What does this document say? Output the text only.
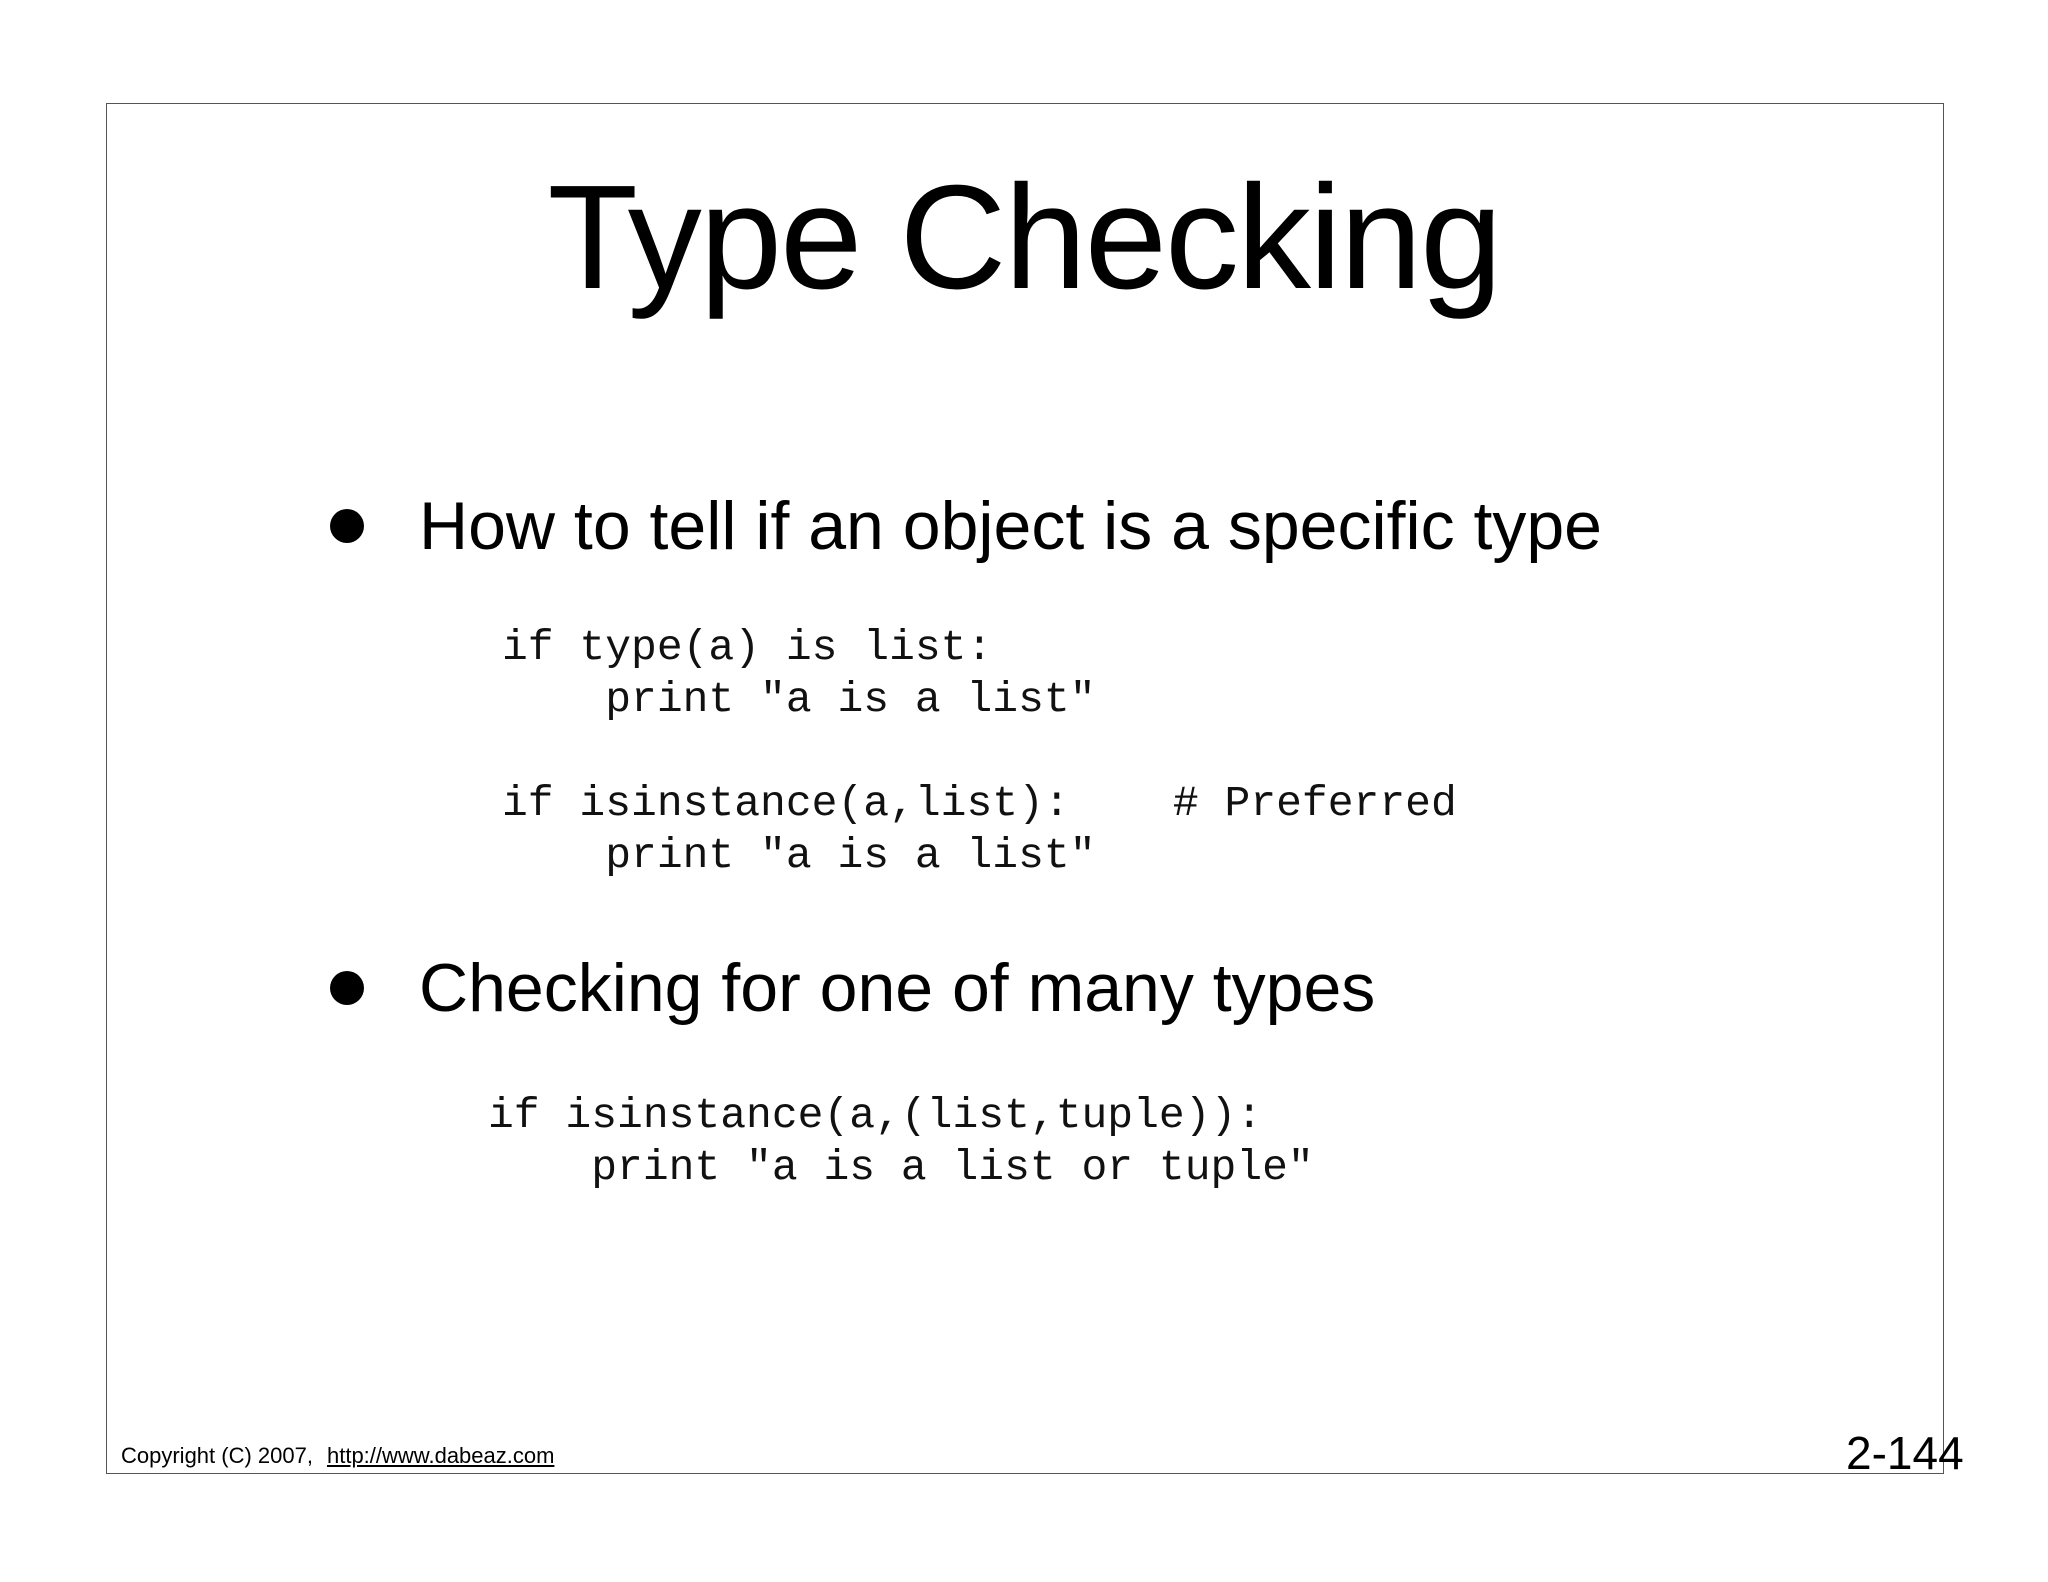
Type Checking
How to tell if an object is a specific type
if type(a) is list:
print "a is a list"
if isinstance(a,list):    # Preferred
print "a is a list"
Checking for one of many types
if isinstance(a,(list,tuple)):
print "a is a list or tuple"
Copyright (C) 2007, http://www.dabeaz.com	2-144
